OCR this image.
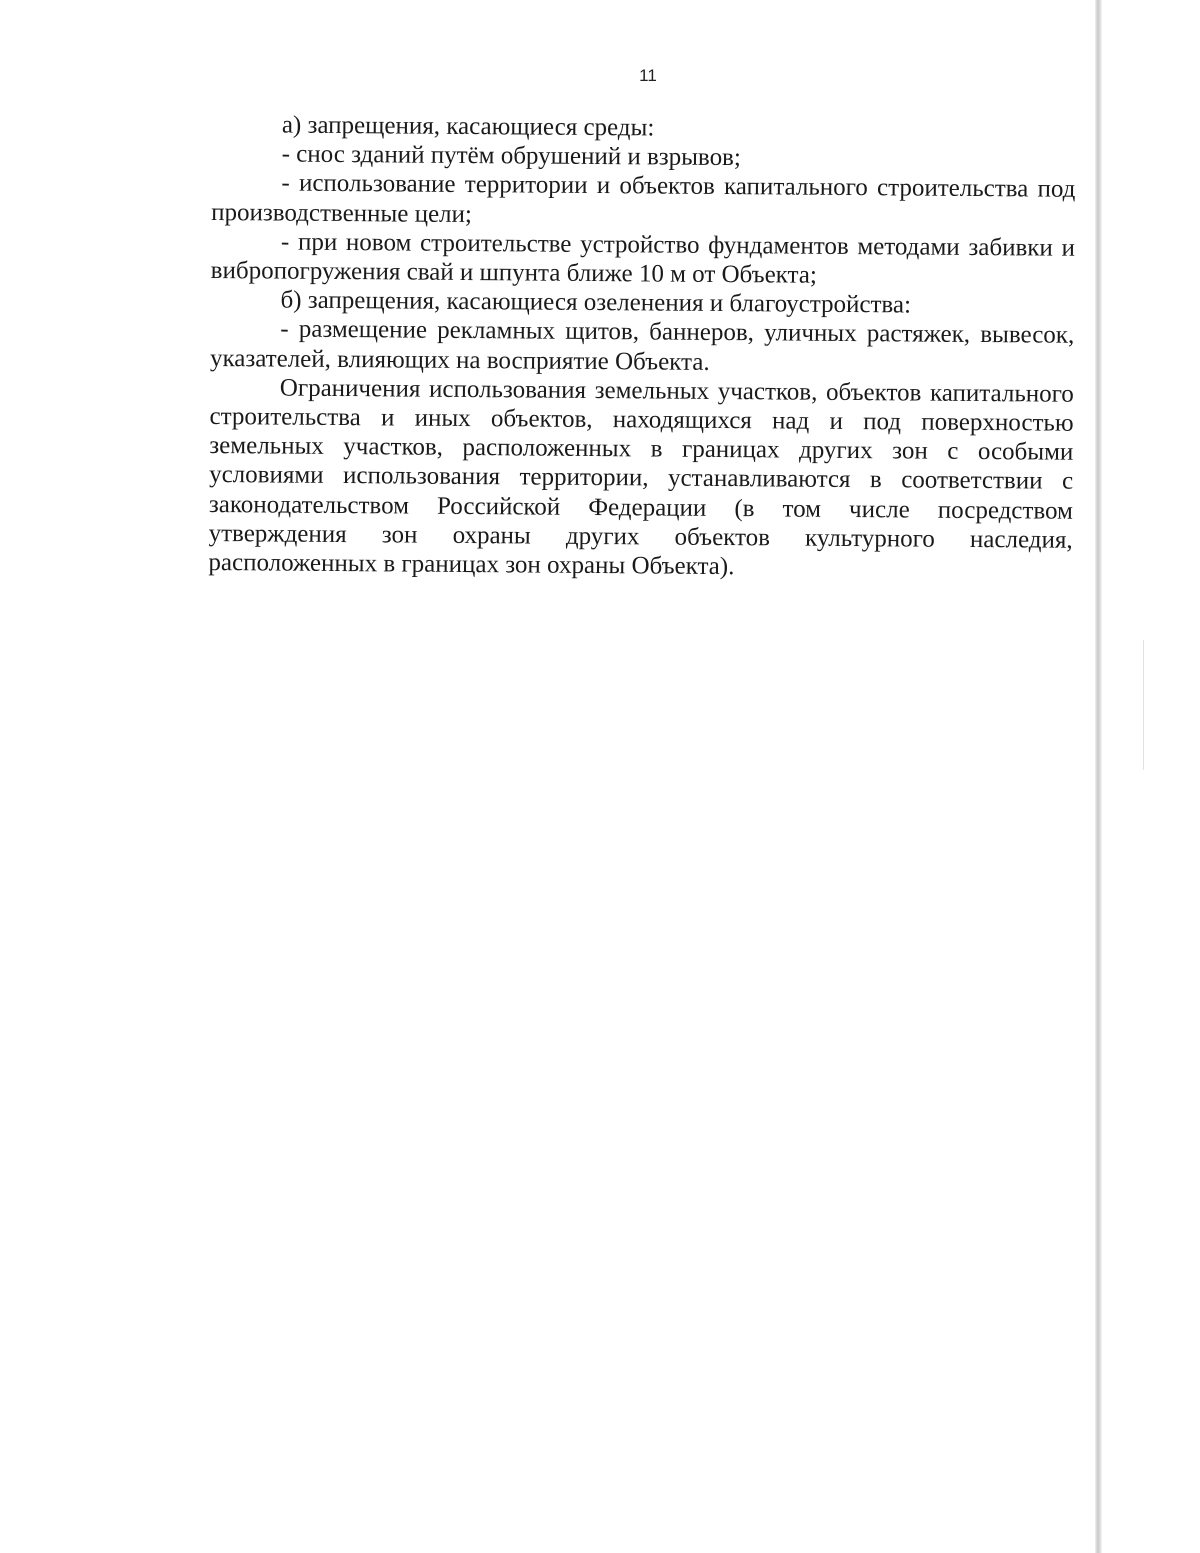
11

а) запрещения, касающиеся среды:

- снос зданий путём обрушений и взрывов;

- использование территории и объектов капитального строительства под производственные цели;

- при новом строительстве устройство фундаментов методами забивки и вибропогружения свай и шпунта ближе 10 м от Объекта;

б) запрещения, касающиеся озеленения и благоустройства:

- размещение рекламных щитов, баннеров, уличных растяжек, вывесок, указателей, влияющих на восприятие Объекта.

Ограничения использования земельных участков, объектов капитального строительства и иных объектов, находящихся над и под поверхностью земельных участков, расположенных в границах других зон с особыми условиями использования территории, устанавливаются в соответствии с законодательством Российской Федерации (в том числе посредством утверждения зон охраны других объектов культурного наследия, расположенных в границах зон охраны Объекта).
